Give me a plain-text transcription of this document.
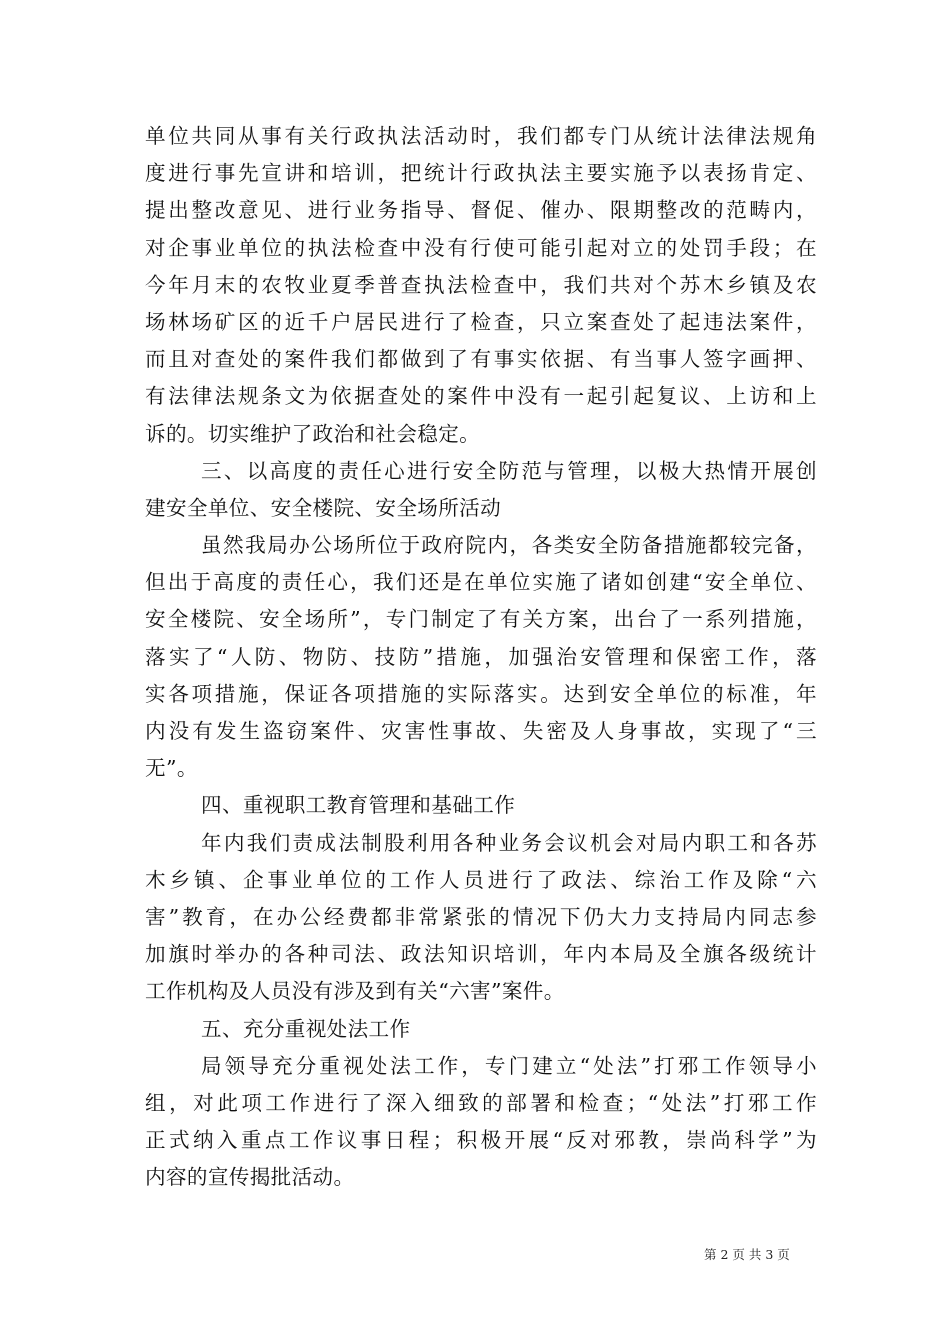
单位共同从事有关行政执法活动时，我们都专门从统计法律法规角
度进行事先宣讲和培训，把统计行政执法主要实施予以表扬肯定、
提出整改意见、进行业务指导、督促、催办、限期整改的范畴内，
对企事业单位的执法检查中没有行使可能引起对立的处罚手段；在
今年月末的农牧业夏季普查执法检查中，我们共对个苏木乡镇及农
场林场矿区的近千户居民进行了检查，只立案查处了起违法案件，
而且对查处的案件我们都做到了有事实依据、有当事人签字画押、
有法律法规条文为依据查处的案件中没有一起引起复议、上访和上
诉的。切实维护了政治和社会稳定。
三、以高度的责任心进行安全防范与管理，以极大热情开展创
建安全单位、安全楼院、安全场所活动
虽然我局办公场所位于政府院内，各类安全防备措施都较完备，
但出于高度的责任心，我们还是在单位实施了诸如创建“安全单位、
安全楼院、安全场所”，专门制定了有关方案，出台了一系列措施，
落实了“人防、物防、技防”措施，加强治安管理和保密工作，落
实各项措施，保证各项措施的实际落实。达到安全单位的标准，年
内没有发生盗窃案件、灾害性事故、失密及人身事故，实现了“三
无”。
四、重视职工教育管理和基础工作
年内我们责成法制股利用各种业务会议机会对局内职工和各苏
木乡镇、企事业单位的工作人员进行了政法、综治工作及除“六
害”教育，在办公经费都非常紧张的情况下仍大力支持局内同志参
加旗时举办的各种司法、政法知识培训，年内本局及全旗各级统计
工作机构及人员没有涉及到有关“六害”案件。
五、充分重视处法工作
局领导充分重视处法工作，专门建立“处法”打邪工作领导小
组，对此项工作进行了深入细致的部署和检查；“处法”打邪工作
正式纳入重点工作议事日程；积极开展“反对邪教，崇尚科学”为
内容的宣传揭批活动。
第 2 页 共 3 页
